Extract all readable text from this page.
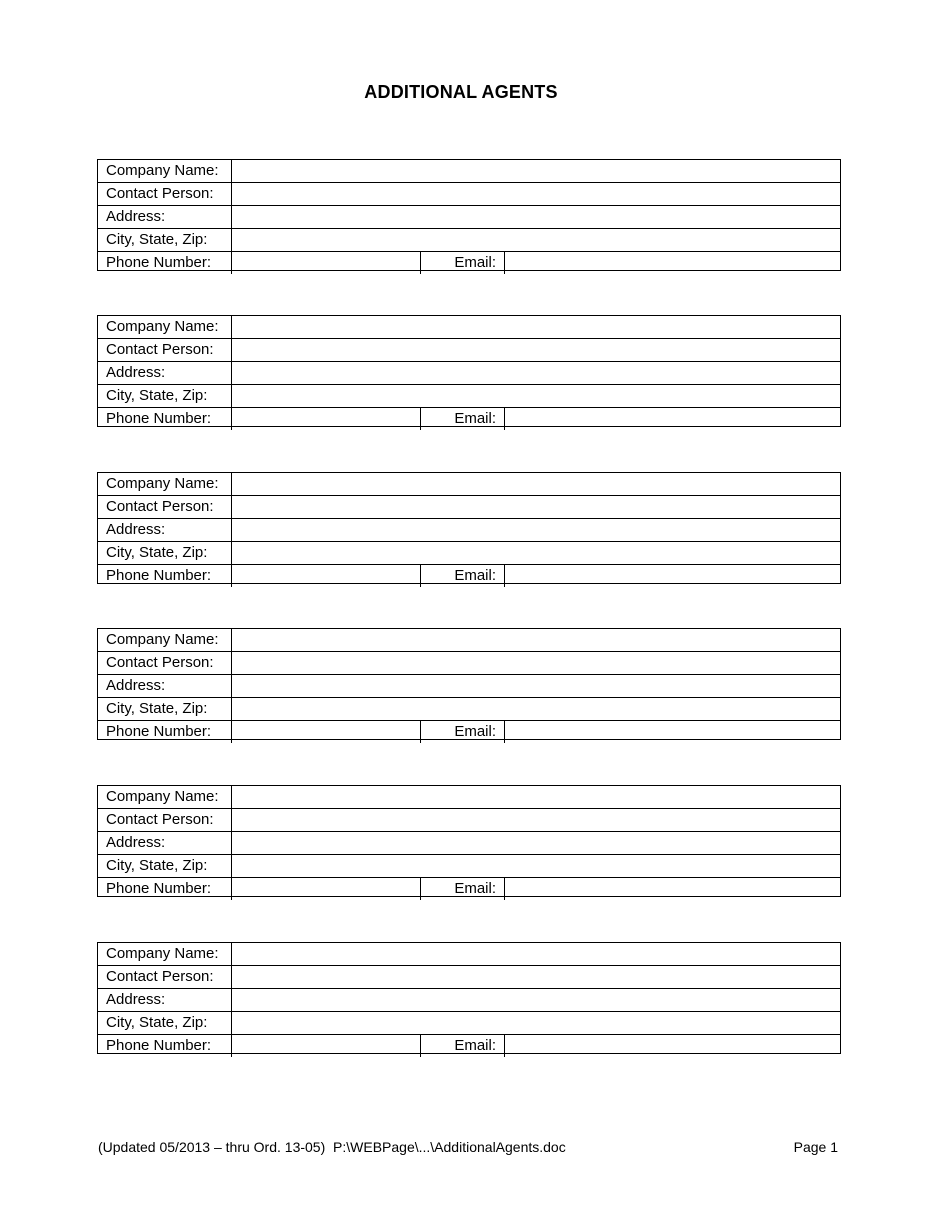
ADDITIONAL AGENTS
Company Name:
Contact Person:
Address:
City, State, Zip:
Phone Number:	Email:
Company Name:
Contact Person:
Address:
City, State, Zip:
Phone Number:	Email:
Company Name:
Contact Person:
Address:
City, State, Zip:
Phone Number:	Email:
Company Name:
Contact Person:
Address:
City, State, Zip:
Phone Number:	Email:
Company Name:
Contact Person:
Address:
City, State, Zip:
Phone Number:	Email:
Company Name:
Contact Person:
Address:
City, State, Zip:
Phone Number:	Email:
(Updated 05/2013 – thru Ord. 13-05)  P:\WEBPage\...\AdditionalAgents.doc	Page 1
